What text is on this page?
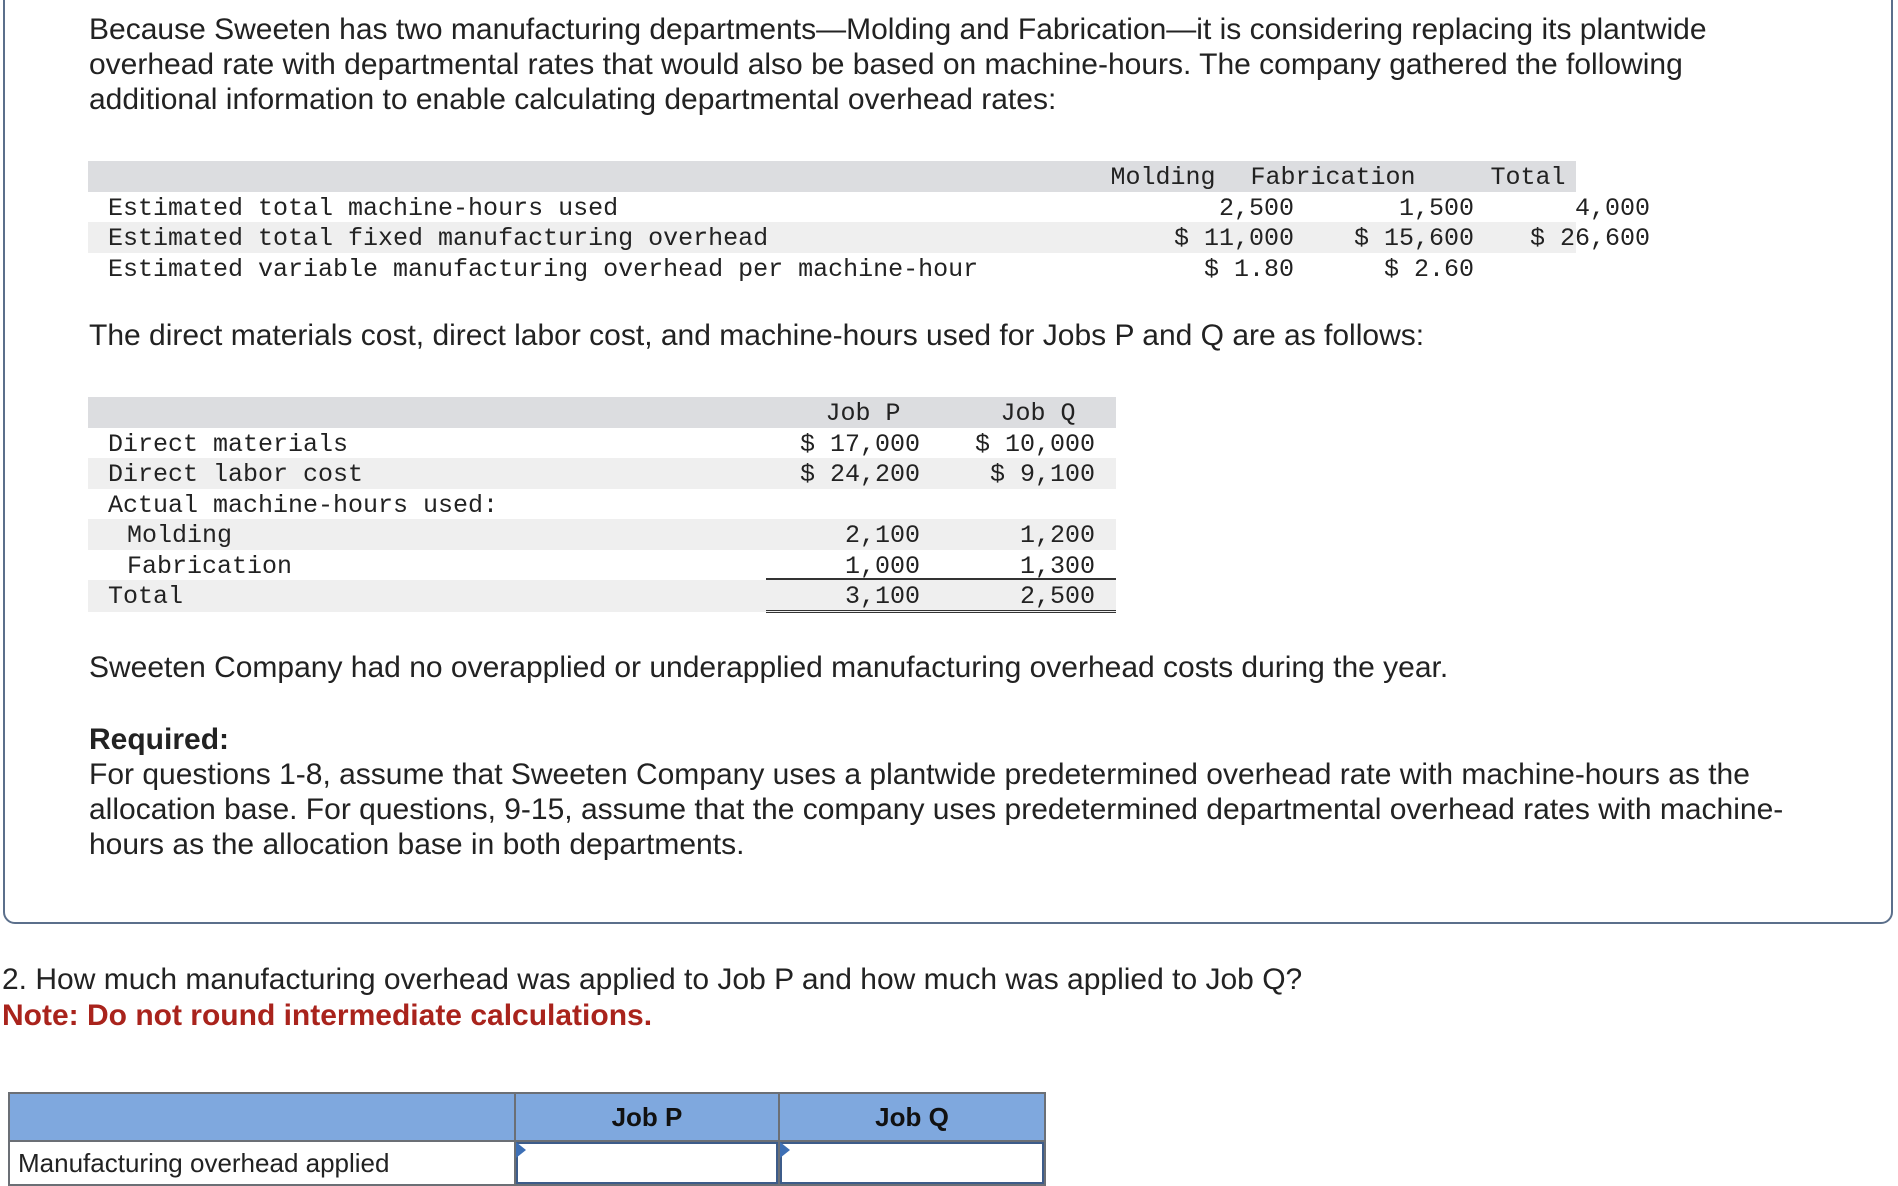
Because Sweeten has two manufacturing departments—Molding and Fabrication—it is considering replacing its plantwide overhead rate with departmental rates that would also be based on machine-hours. The company gathered the following additional information to enable calculating departmental overhead rates:

Molding	Fabrication	Total
Estimated total machine-hours used	2,500	1,500	4,000
Estimated total fixed manufacturing overhead	$ 11,000	$ 15,600	$ 26,600
Estimated variable manufacturing overhead per machine-hour	$ 1.80	$ 2.60

The direct materials cost, direct labor cost, and machine-hours used for Jobs P and Q are as follows:

Job P	Job Q
Direct materials	$ 17,000	$ 10,000
Direct labor cost	$ 24,200	$ 9,100
Actual machine-hours used:
Molding	2,100	1,200
Fabrication	1,000	1,300
Total	3,100	2,500

Sweeten Company had no overapplied or underapplied manufacturing overhead costs during the year.

Required:
For questions 1-8, assume that Sweeten Company uses a plantwide predetermined overhead rate with machine-hours as the allocation base. For questions, 9-15, assume that the company uses predetermined departmental overhead rates with machine-hours as the allocation base in both departments.
2. How much manufacturing overhead was applied to Job P and how much was applied to Job Q?
Note: Do not round intermediate calculations.
	Job P	Job Q
Manufacturing overhead applied	
